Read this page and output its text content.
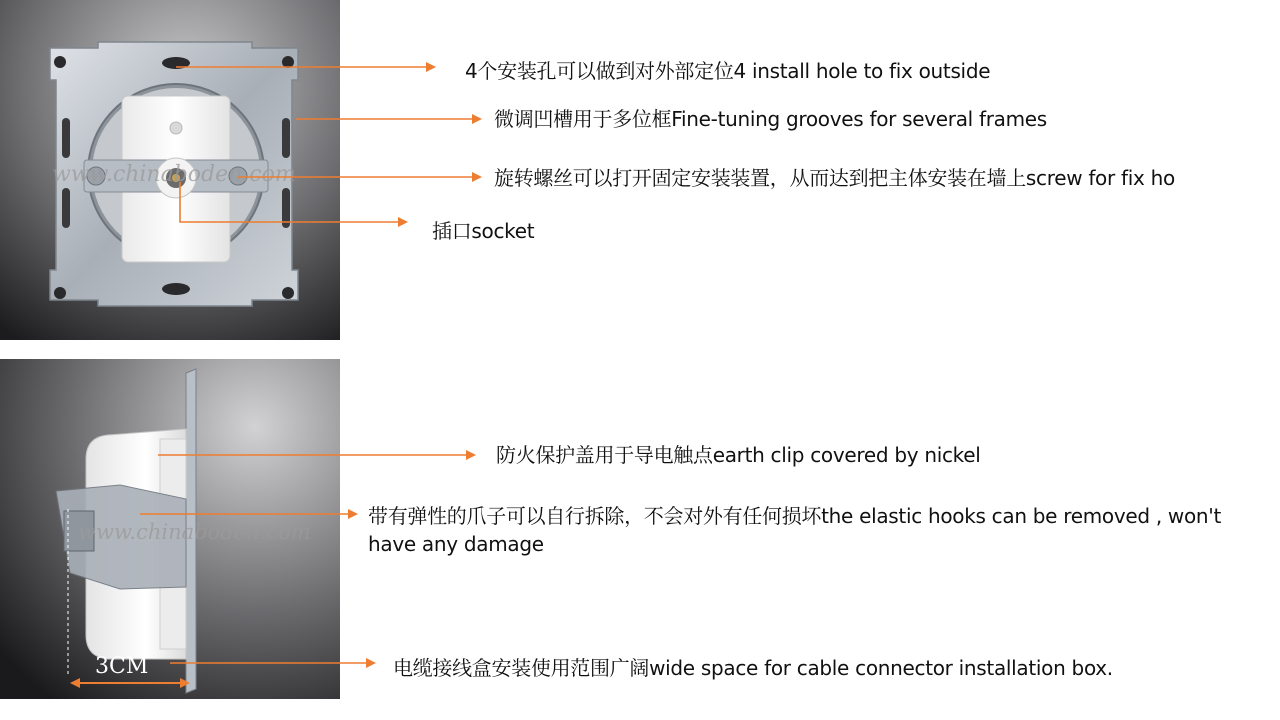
www.chinaboden.com
3CM
www.chinaboden.com
4个安装孔可以做到对外部定位4 install hole to fix outside
微调凹槽用于多位框Fine-tuning grooves for several frames
旋转螺丝可以打开固定安装装置，从而达到把主体安装在墙上screw for fix ho
插口socket
防火保护盖用于导电触点earth clip covered by nickel
带有弹性的爪子可以自行拆除，不会对外有任何损坏the elastic hooks can be removed , won't have any damage
电缆接线盒安装使用范围广阔wide space for cable connector installation box.
